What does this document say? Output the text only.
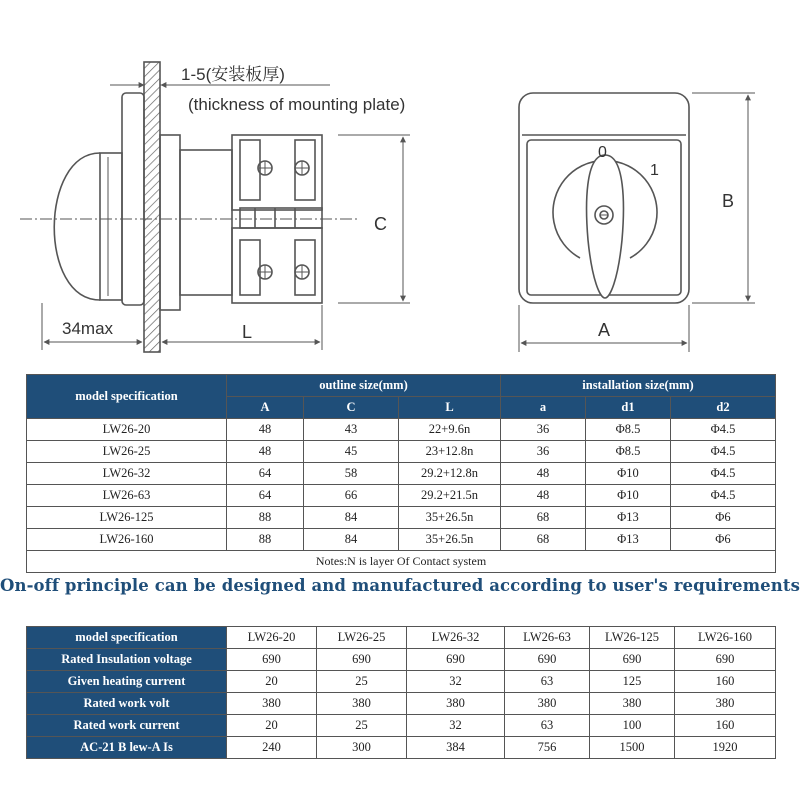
1-5(安装板厚)
(thickness of mounting plate)
C
L
34max
0
1
B
A
model specification	outline size(mm)			installation size(mm)		
	A	C	L	a	d1	d2
LW26-20	48	43	22+9.6n	36	Φ8.5	Φ4.5
LW26-25	48	45	23+12.8n	36	Φ8.5	Φ4.5
LW26-32	64	58	29.2+12.8n	48	Φ10	Φ4.5
LW26-63	64	66	29.2+21.5n	48	Φ10	Φ4.5
LW26-125	88	84	35+26.5n	68	Φ13	Φ6
LW26-160	88	84	35+26.5n	68	Φ13	Φ6
Notes:N is layer Of Contact system						
On-off principle can be designed and manufactured according to user's requirements
model specification	LW26-20	LW26-25	LW26-32	LW26-63	LW26-125	LW26-160
Rated Insulation voltage	690	690	690	690	690	690
Given heating current	20	25	32	63	125	160
Rated work volt	380	380	380	380	380	380
Rated work current	20	25	32	63	100	160
AC-21 B lew-A Is	240	300	384	756	1500	1920
